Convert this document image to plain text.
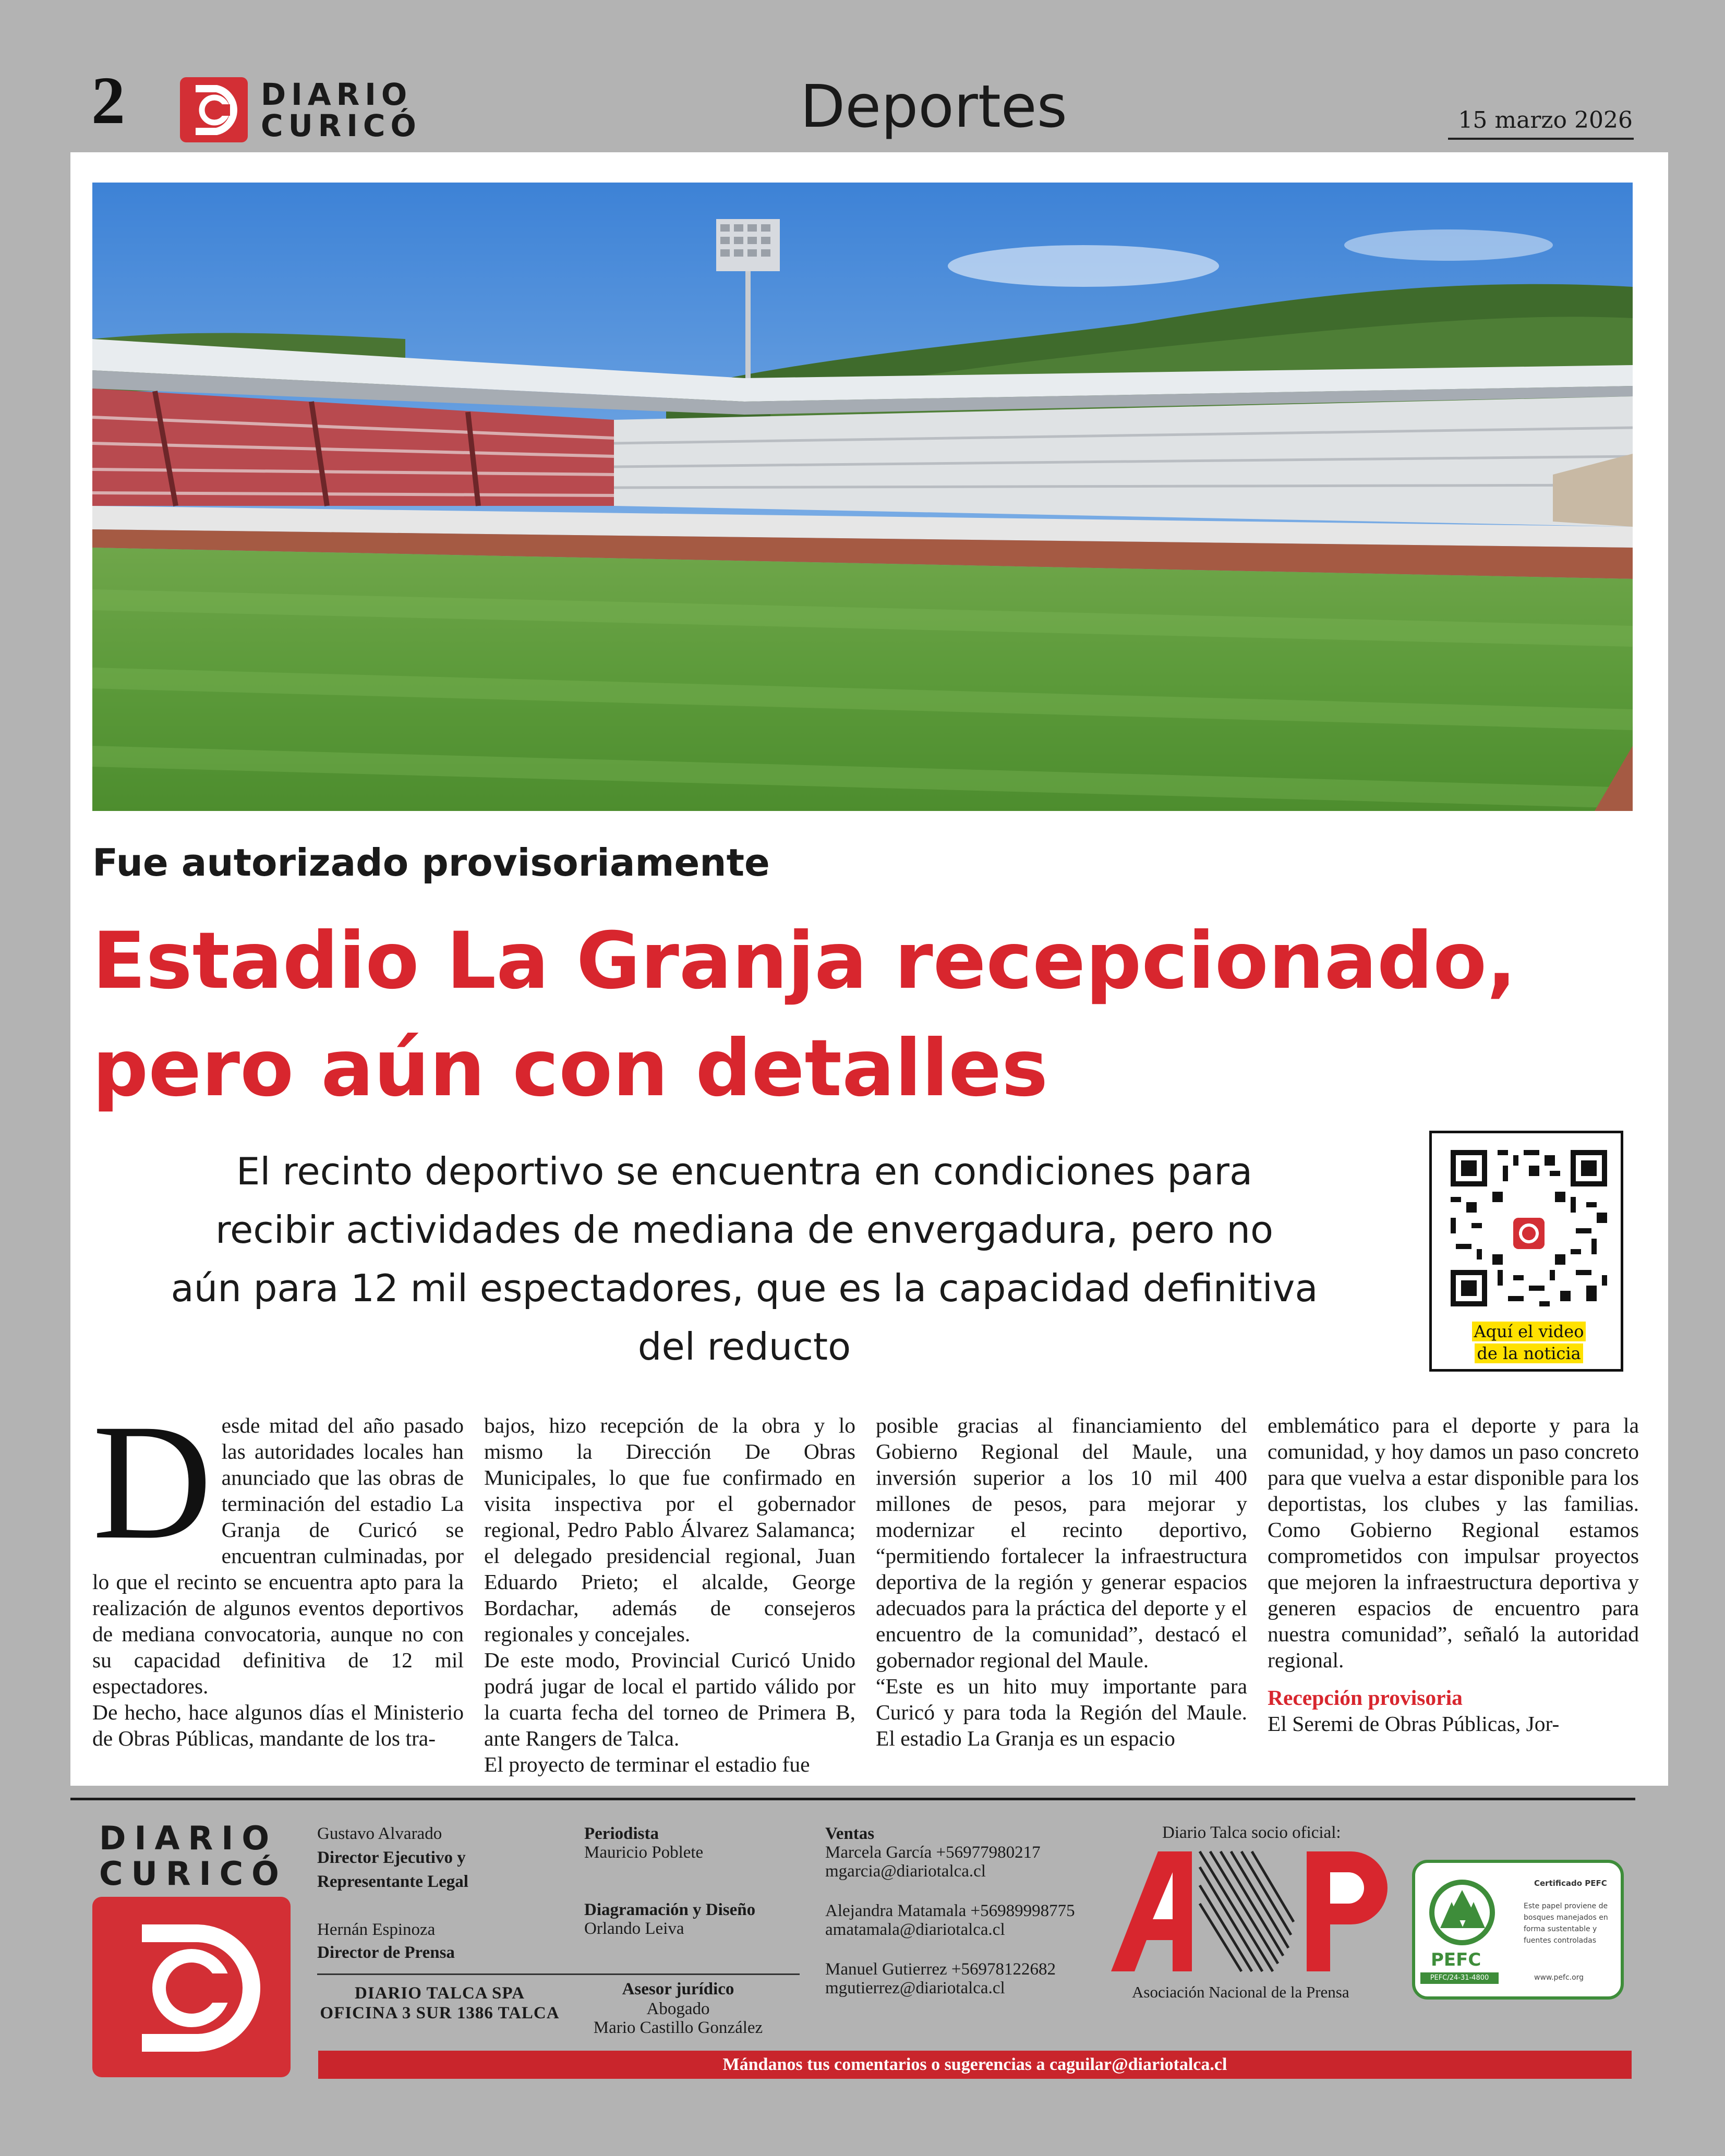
2	DIARIO
CURICÓ	Deportes	15 marzo 2026
Fue autorizado provisoriamente
Estadio La Granja recepcionado,
pero aún con detalles
El recinto deportivo se encuentra en condiciones para
recibir actividades de mediana de envergadura, pero no
aún para 12 mil espectadores, que es la capacidad definitiva
del reducto	Aquí el video
de la noticia

Desde mitad del año pasado las autoridades locales han anunciado que las obras de terminación del estadio La Granja de Curicó se encuentran culminadas, por lo que el recinto se encuentra apto para la realización de algunos eventos deportivos de mediana convocatoria, aunque no con su capacidad definitiva de 12 mil espectadores.

De hecho, hace algunos días el Ministerio de Obras Públicas, mandante de los tra-

bajos, hizo recepción de la obra y lo mismo la Dirección De Obras Municipales, lo que fue confirmado en visita inspectiva por el gobernador regional, Pedro Pablo Álvarez Salamanca; el delegado presidencial regional, Juan Eduardo Prieto; el alcalde, George Bordachar, además de consejeros regionales y concejales.

De este modo, Provincial Curicó Unido podrá jugar de local el partido válido por la cuarta fecha del torneo de Primera B, ante Rangers de Talca.

El proyecto de terminar el estadio fue

posible gracias al financiamiento del Gobierno Regional del Maule, una inversión superior a los 10 mil 400 millones de pesos, para mejorar y modernizar el recinto deportivo, “permitiendo fortalecer la infraestructura deportiva de la región y generar espacios adecuados para la práctica del deporte y el encuentro de la comunidad”, destacó el gobernador regional del Maule.

“Este es un hito muy importante para Curicó y para toda la Región del Maule. El estadio La Granja es un espacio

emblemático para el deporte y para la comunidad, y hoy damos un paso concreto para que vuelva a estar disponible para los deportistas, los clubes y las familias. Como Gobierno Regional estamos comprometidos con impulsar proyectos que mejoren la infraestructura deportiva y generen espacios de encuentro para nuestra comunidad”, señaló la autoridad regional.

Recepción provisoria

El Seremi de Obras Públicas, Jor-

DIARIO
CURICÓ
Gustavo Alvarado
Director Ejecutivo y
Representante Legal
Hernán Espinoza
Director de Prensa
DIARIO TALCA SPA
OFICINA 3 SUR 1386 TALCA
Periodista
Mauricio Poblete
Diagramación y Diseño
Orlando Leiva
Asesor jurídico
Abogado
Mario Castillo González
Ventas
Marcela García +56977980217
mgarcia@diariotalca.cl
Alejandra Matamala +56989998775
amatamala@diariotalca.cl
Manuel Gutierrez +56978122682
mgutierrez@diariotalca.cl
Diario Talca socio oficial:
Asociación Nacional de la Prensa
PEFC
PEFC/24-31-4800
Certificado PEFC
Este papel proviene de
bosques manejados en
forma sustentable y
fuentes controladas
www.pefc.org
Mándanos tus comentarios o sugerencias a caguilar@diariotalca.cl
